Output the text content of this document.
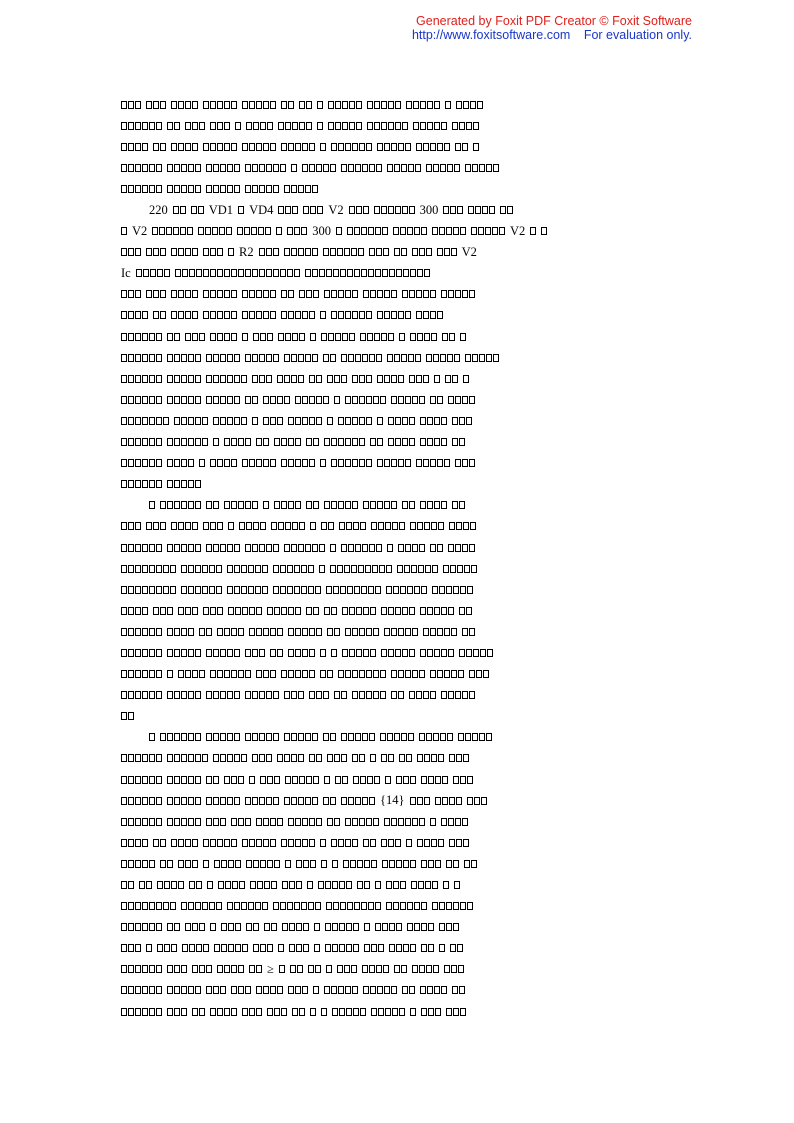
Generated by Foxit PDF Creator © Foxit Software
http://www.foxitsoftware.com For evaluation only.
220	VD1 VD4	V2	300
V2	300	V2
R2	V2
Ic
{14}
≥
